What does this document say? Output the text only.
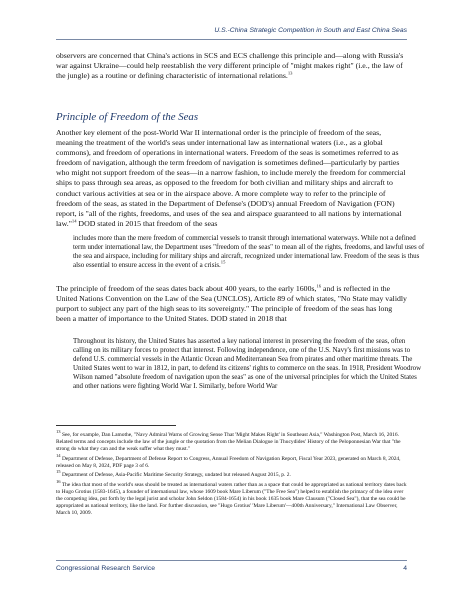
U.S.-China Strategic Competition in South and East China Seas

observers are concerned that China's actions in SCS and ECS challenge this principle and—along with Russia's war against Ukraine—could help reestablish the very different principle of "might makes right" (i.e., the law of the jungle) as a routine or defining characteristic of international relations.$^{13}$

Principle of Freedom of the Seas

Another key element of the post-World War II international order is the principle of freedom of the seas, meaning the treatment of the world's seas under international law as international waters (i.e., as a global commons), and freedom of operations in international waters. Freedom of the seas is sometimes referred to as freedom of navigation, although the term freedom of navigation is sometimes defined—particularly by parties who might not support freedom of the seas—in a narrow fashion, to include merely the freedom for commercial ships to pass through sea areas, as opposed to the freedom for both civilian and military ships and aircraft to conduct various activities at sea or in the airspace above. A more complete way to refer to the principle of freedom of the seas, as stated in the Department of Defense's (DOD's) annual Freedom of Navigation (FON) report, is "all of the rights, freedoms, and uses of the sea and airspace guaranteed to all nations by international law."$^{14}$ DOD stated in 2015 that freedom of the seas

includes more than the mere freedom of commercial vessels to transit through international waterways. While not a defined term under international law, the Department uses "freedom of the seas" to mean all of the rights, freedoms, and lawful uses of the sea and airspace, including for military ships and aircraft, recognized under international law. Freedom of the seas is thus also essential to ensure access in the event of a crisis.$^{15}$

The principle of freedom of the seas dates back about 400 years, to the early 1600s,$^{16}$ and is reflected in the United Nations Convention on the Law of the Sea (UNCLOS), Article 89 of which states, "No State may validly purport to subject any part of the high seas to its sovereignty." The principle of freedom of the seas has long been a matter of importance to the United States. DOD stated in 2018 that

Throughout its history, the United States has asserted a key national interest in preserving the freedom of the seas, often calling on its military forces to protect that interest. Following independence, one of the U.S. Navy's first missions was to defend U.S. commercial vessels in the Atlantic Ocean and Mediterranean Sea from pirates and other maritime threats. The United States went to war in 1812, in part, to defend its citizens' rights to commerce on the seas. In 1918, President Woodrow Wilson named "absolute freedom of navigation upon the seas" as one of the universal principles for which the United States and other nations were fighting World War I. Similarly, before World War

$^{13}$ See, for example, Dan Lamothe, "Navy Admiral Warns of Growing Sense That 'Might Makes Right' in Southeast Asia," Washington Post, March 16, 2016. Related terms and concepts include the law of the jungle or the quotation from the Melian Dialogue in Thucydides' History of the Peloponnesian War that "the strong do what they can and the weak suffer what they must."

$^{14}$ Department of Defense, Department of Defense Report to Congress, Annual Freedom of Navigation Report, Fiscal Year 2023, generated on March 8, 2024, released on May 8, 2024, PDF page 3 of 6.

$^{15}$ Department of Defense, Asia-Pacific Maritime Security Strategy, undated but released August 2015, p. 2.

$^{16}$ The idea that most of the world's seas should be treated as international waters rather than as a space that could be appropriated as national territory dates back to Hugo Grotius (1583-1645), a founder of international law, whose 1609 book Mare Liberum ("The Free Sea") helped to establish the primacy of the idea over the competing idea, put forth by the legal jurist and scholar John Seldon (1584-1654) in his book 1635 book Mare Clausum ("Closed Sea"), that the sea could be appropriated as national territory, like the land. For further discussion, see "Hugo Grotius' 'Mare Liberum'—400th Anniversary," International Law Observer, March 10, 2009.

Congressional Research Service	4
